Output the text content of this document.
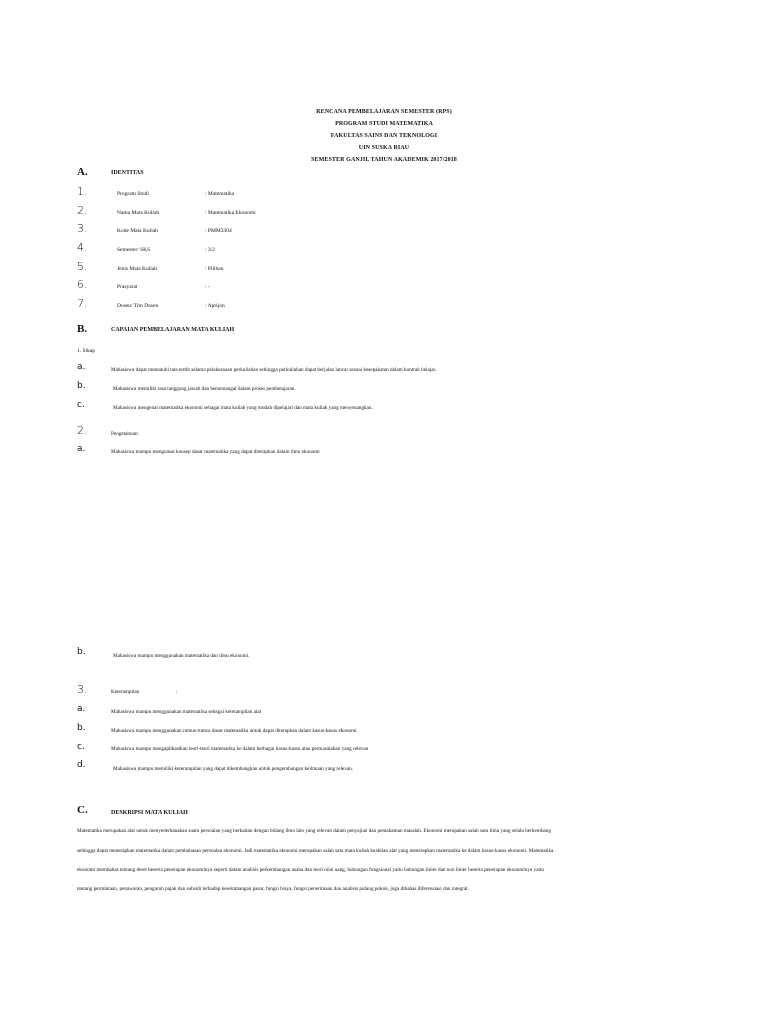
RENCANA PEMBELAJARAN SEMESTER (RPS)
PROGRAM STUDI MATEMATIKA
FAKULTAS SAINS DAN TEKNOLOGI
UIN SUSKA RIAU
SEMESTER GANJIL TAHUN AKADEMIK 2017/2018
A.	IDENTITAS
1.	Program Studi	: Matematika
2.	Nama Mata Kuliah	: Matematika Ekonomi
3.	Kode Mata Kuliah	: PMM3304
4.	Semester/ SKS	: 3/2
5.	Jenis Mata Kuliah	: Pilihan
6.	Prasyarat	: -
7.	Dosen/ Tim Dosen	: Aprijon
B.	CAPAIAN PEMBELAJARAN MATA KULIAH
1. Sikap
a.	Mahasiswa dapat mematuhi tata tertib selama pelaksanaan perkuliahan sehingga perkuliahan dapat berjalan lancar sesuai kesepakatan dalam kontrak belajar.
b.	Mahasiswa memiliki rasa tanggung jawab dan bersemangat dalam proses pembelajaran.
c.	Mahasiswa mengenal matematika ekonomi sebagai mata kuliah yang mudah dipelajari dan mata kuliah yang menyenangkan.
2.	Pengetahuan:
a.	Mahasiswa mampu menguasai konsep dasar matematika yang dapat diterapkan dalam ilmu ekonomi
b.	Mahasiswa mampu menggunakan matematika dan ilmu ekonomi.
3.	Keterampilan	:
a.	Mahasiswa mampu menggunakan matematika sebagai keterampilan alat
b.	Mahasiswa mampu menggunakan rumus-rumus dasar matematika untuk dapat diterapkan dalam kasus-kasus ekonomi
c.	Mahasiswa mampu mengaplikasikan teori-teori matematika ke dalam berbagai kasus-kasus atau permasalahan yang relevan
d.	Mahasiswa mampu memiliki keterampilan yang dapat dikembangkan untuk pengembangan keilmuan yang relevan.
C.	DESKRIPSI MATA KULIAH
Matematika merupakan alat untuk menyederhanakan suatu persoalan yang berkaitan dengan bidang ilmu lain yang relevan dalam penyajian dan pemahaman masalah. Ekonomi merupakan salah satu ilmu yang selalu berkembang
sehingga dapat menerapkan matematika dalam pembahasan persoalan ekonomi. Jadi matematika ekonomi merupakan salah satu mata kuliah keahlian alat yang menerapkan matematika ke dalam kasus-kasus ekonomi. Matematika
ekonomi membahas tentang deret beserta penerapan ekonominya seperti dalam analisis perkembangan usaha dan teori nilai uang, hubungan fungsional yaitu hubungan linier dan non linier beserta penerapan ekonominya yaitu
tentang permintaan, penawaran, pengaruh pajak dan subsidi terhadap keseimbangan pasar, fungsi biaya, fungsi penerimaan dan analisis pulang pokok, juga dibahas diferensiasi dan integral.
